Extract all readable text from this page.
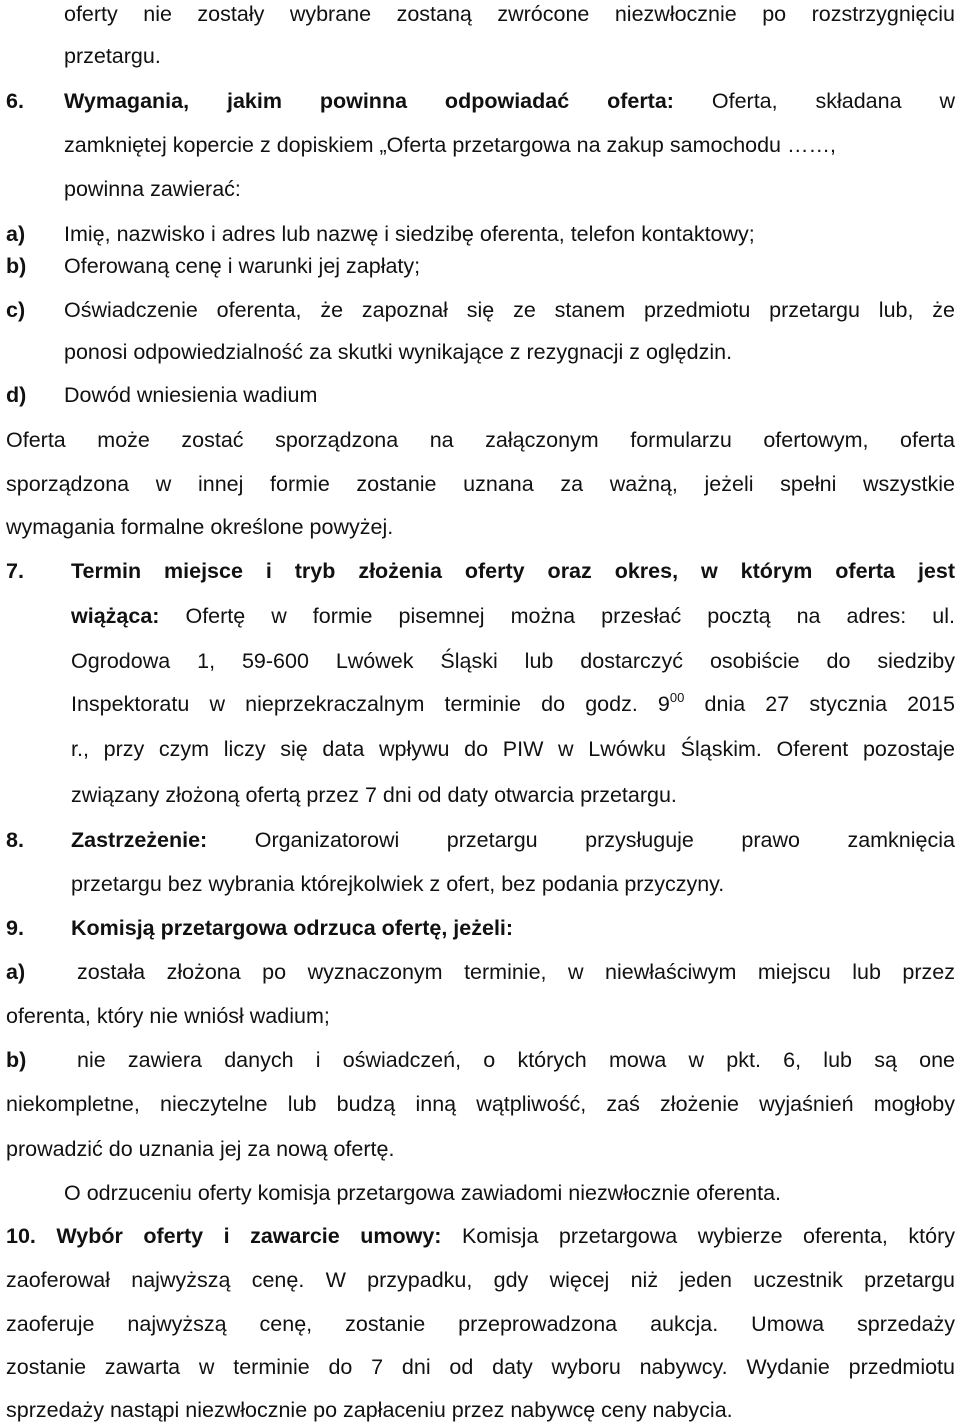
oferty nie zostały wybrane zostaną zwrócone niezwłocznie po rozstrzygnięciu
przetargu.
6. Wymagania, jakim powinna odpowiadać oferta: Oferta, składana w
zamkniętej kopercie z dopiskiem „Oferta przetargowa na zakup samochodu ……,
powinna zawierać:
a) Imię, nazwisko i adres lub nazwę i siedzibę oferenta, telefon kontaktowy;
b) Oferowaną cenę i warunki jej zapłaty;
c) Oświadczenie oferenta, że zapoznał się ze stanem przedmiotu przetargu lub, że
ponosi odpowiedzialność za skutki wynikające z rezygnacji z oględzin.
d) Dowód wniesienia wadium
Oferta może zostać sporządzona na załączonym formularzu ofertowym, oferta
sporządzona w innej formie zostanie uznana za ważną, jeżeli spełni wszystkie
wymagania formalne określone powyżej.
7. Termin miejsce i tryb złożenia oferty oraz okres, w którym oferta jest
wiążąca: Ofertę w formie pisemnej można przesłać pocztą na adres: ul.
Ogrodowa 1, 59-600 Lwówek Śląski lub dostarczyć osobiście do siedziby
Inspektoratu w nieprzekraczalnym terminie do godz. $9^{00}$ dnia 27 stycznia 2015
r., przy czym liczy się data wpływu do PIW w Lwówku Śląskim. Oferent pozostaje
związany złożoną ofertą przez 7 dni od daty otwarcia przetargu.
8. Zastrzeżenie: Organizatorowi przetargu przysługuje prawo zamknięcia
przetargu bez wybrania którejkolwiek z ofert, bez podania przyczyny.
9. Komisją przetargowa odrzuca ofertę, jeżeli:
a) została złożona po wyznaczonym terminie, w niewłaściwym miejscu lub przez
oferenta, który nie wniósł wadium;
b) nie zawiera danych i oświadczeń, o których mowa w pkt. 6, lub są one
niekompletne, nieczytelne lub budzą inną wątpliwość, zaś złożenie wyjaśnień mogłoby
prowadzić do uznania jej za nową ofertę.
O odrzuceniu oferty komisja przetargowa zawiadomi niezwłocznie oferenta.
10. Wybór oferty i zawarcie umowy: Komisja przetargowa wybierze oferenta, który
zaoferował najwyższą cenę. W przypadku, gdy więcej niż jeden uczestnik przetargu
zaoferuje najwyższą cenę, zostanie przeprowadzona aukcja. Umowa sprzedaży
zostanie zawarta w terminie do 7 dni od daty wyboru nabywcy. Wydanie przedmiotu
sprzedaży nastąpi niezwłocznie po zapłaceniu przez nabywcę ceny nabycia.
